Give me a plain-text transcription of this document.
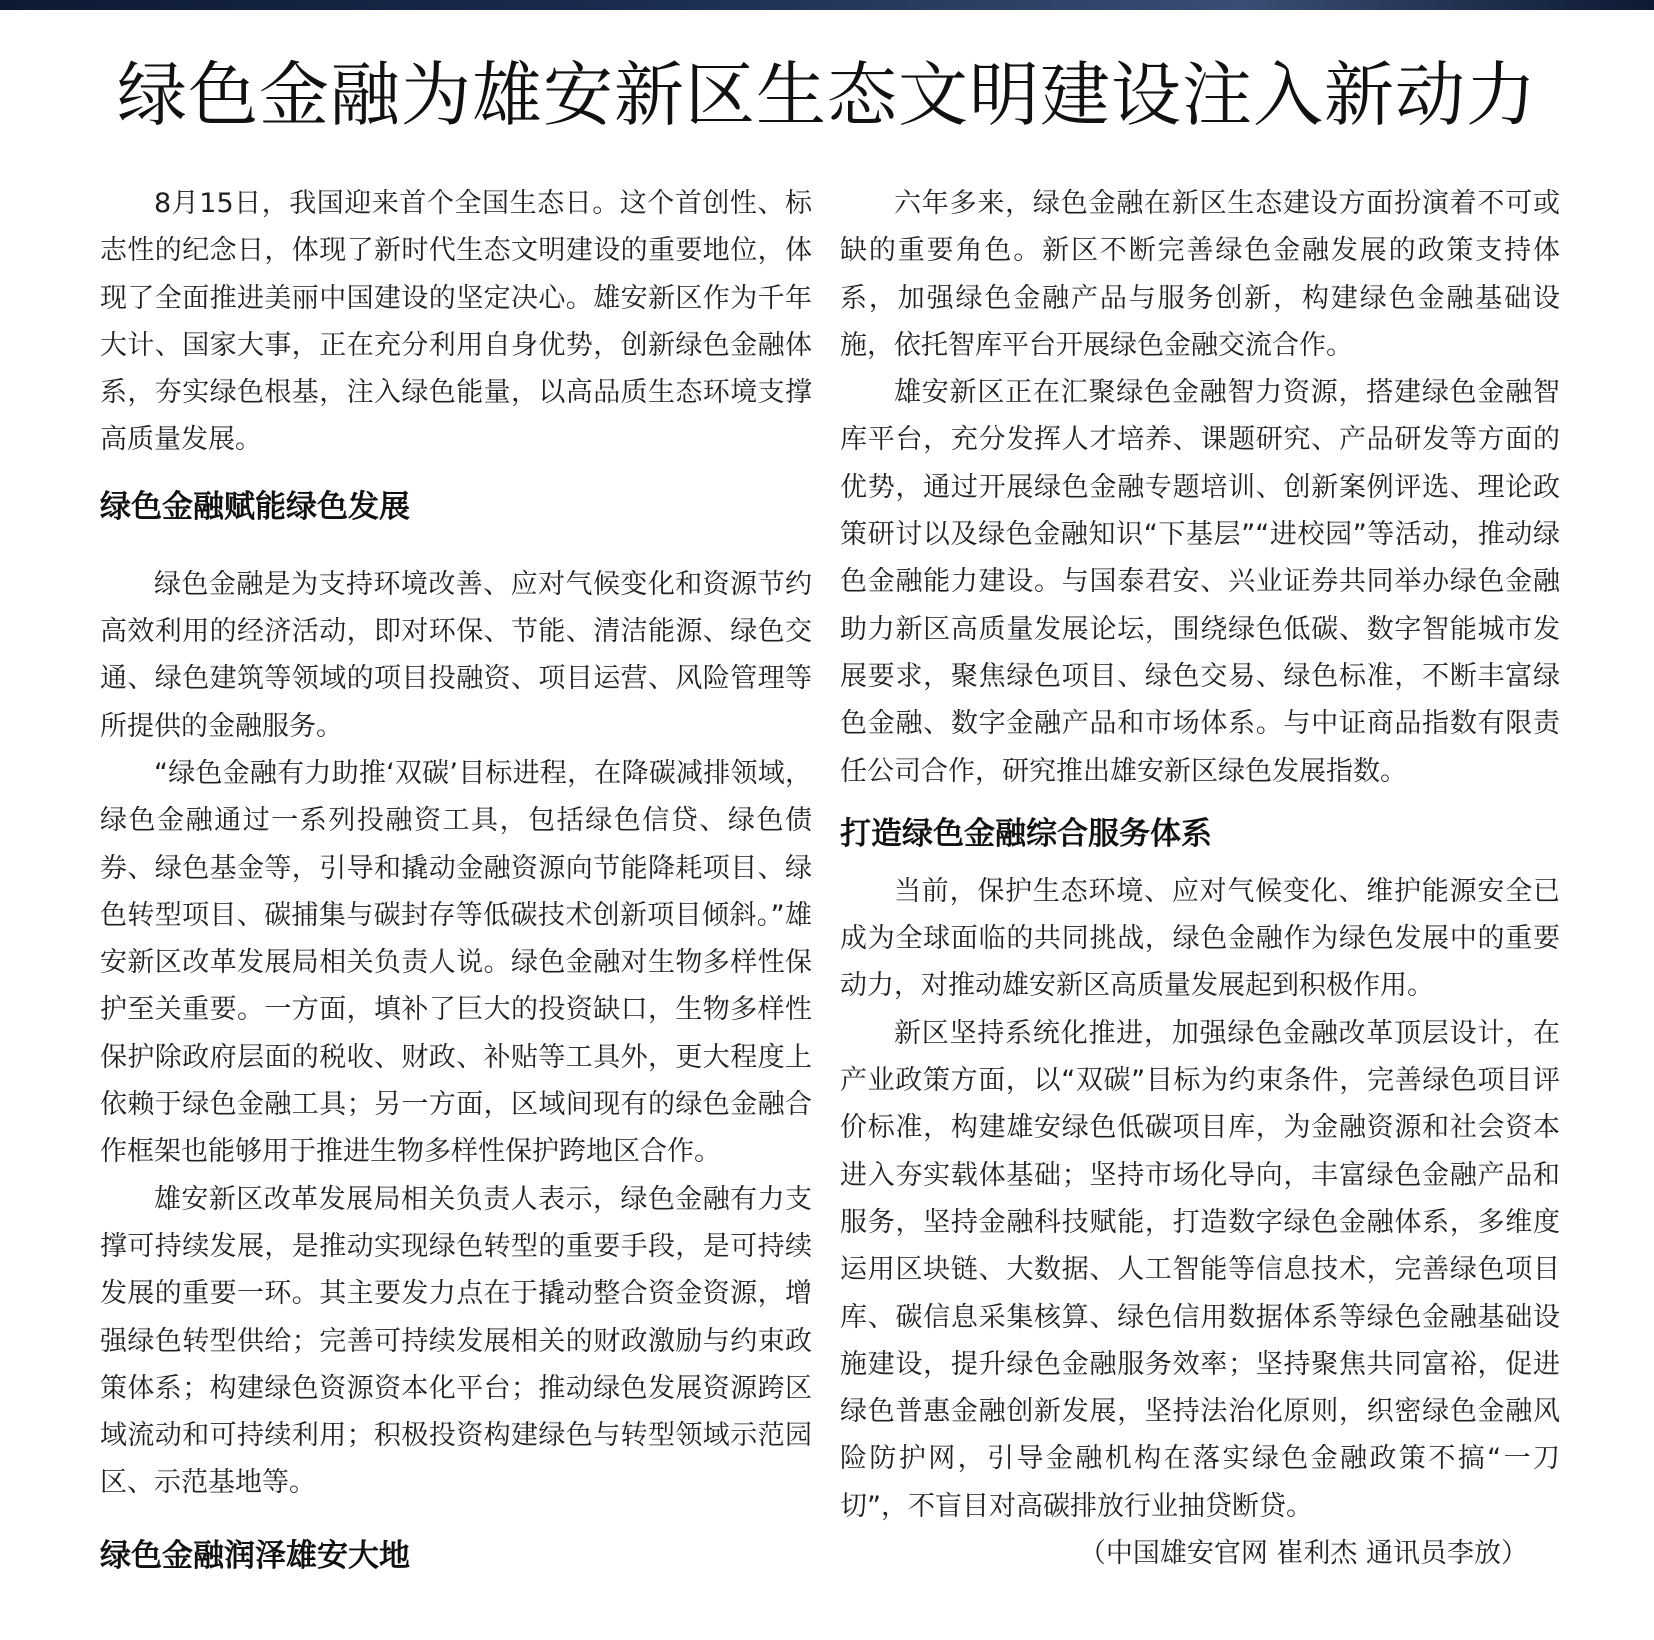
绿色金融为雄安新区生态文明建设注入新动力

8月15日，我国迎来首个全国生态日。这个首创性、标志性的纪念日，体现了新时代生态文明建设的重要地位，体现了全面推进美丽中国建设的坚定决心。雄安新区作为千年大计、国家大事，正在充分利用自身优势，创新绿色金融体系，夯实绿色根基，注入绿色能量，以高品质生态环境支撑高质量发展。

绿色金融赋能绿色发展

绿色金融是为支持环境改善、应对气候变化和资源节约高效利用的经济活动，即对环保、节能、清洁能源、绿色交通、绿色建筑等领域的项目投融资、项目运营、风险管理等所提供的金融服务。

“绿色金融有力助推‘双碳’目标进程，在降碳减排领域，绿色金融通过一系列投融资工具，包括绿色信贷、绿色债券、绿色基金等，引导和撬动金融资源向节能降耗项目、绿色转型项目、碳捕集与碳封存等低碳技术创新项目倾斜。”雄安新区改革发展局相关负责人说。绿色金融对生物多样性保护至关重要。一方面，填补了巨大的投资缺口，生物多样性保护除政府层面的税收、财政、补贴等工具外，更大程度上依赖于绿色金融工具；另一方面，区域间现有的绿色金融合作框架也能够用于推进生物多样性保护跨地区合作。

雄安新区改革发展局相关负责人表示，绿色金融有力支撑可持续发展，是推动实现绿色转型的重要手段，是可持续发展的重要一环。其主要发力点在于撬动整合资金资源，增强绿色转型供给；完善可持续发展相关的财政激励与约束政策体系；构建绿色资源资本化平台；推动绿色发展资源跨区域流动和可持续利用；积极投资构建绿色与转型领域示范园区、示范基地等。

绿色金融润泽雄安大地

六年多来，绿色金融在新区生态建设方面扮演着不可或缺的重要角色。新区不断完善绿色金融发展的政策支持体系，加强绿色金融产品与服务创新，构建绿色金融基础设施，依托智库平台开展绿色金融交流合作。

雄安新区正在汇聚绿色金融智力资源，搭建绿色金融智库平台，充分发挥人才培养、课题研究、产品研发等方面的优势，通过开展绿色金融专题培训、创新案例评选、理论政策研讨以及绿色金融知识“下基层”“进校园”等活动，推动绿色金融能力建设。与国泰君安、兴业证券共同举办绿色金融助力新区高质量发展论坛，围绕绿色低碳、数字智能城市发展要求，聚焦绿色项目、绿色交易、绿色标准，不断丰富绿色金融、数字金融产品和市场体系。与中证商品指数有限责任公司合作，研究推出雄安新区绿色发展指数。

打造绿色金融综合服务体系

当前，保护生态环境、应对气候变化、维护能源安全已成为全球面临的共同挑战，绿色金融作为绿色发展中的重要动力，对推动雄安新区高质量发展起到积极作用。

新区坚持系统化推进，加强绿色金融改革顶层设计，在产业政策方面，以“双碳”目标为约束条件，完善绿色项目评价标准，构建雄安绿色低碳项目库，为金融资源和社会资本进入夯实载体基础；坚持市场化导向，丰富绿色金融产品和服务，坚持金融科技赋能，打造数字绿色金融体系，多维度运用区块链、大数据、人工智能等信息技术，完善绿色项目库、碳信息采集核算、绿色信用数据体系等绿色金融基础设施建设，提升绿色金融服务效率；坚持聚焦共同富裕，促进绿色普惠金融创新发展，坚持法治化原则，织密绿色金融风险防护网，引导金融机构在落实绿色金融政策不搞“一刀切”，不盲目对高碳排放行业抽贷断贷。

（中国雄安官网 崔利杰 通讯员李放）
